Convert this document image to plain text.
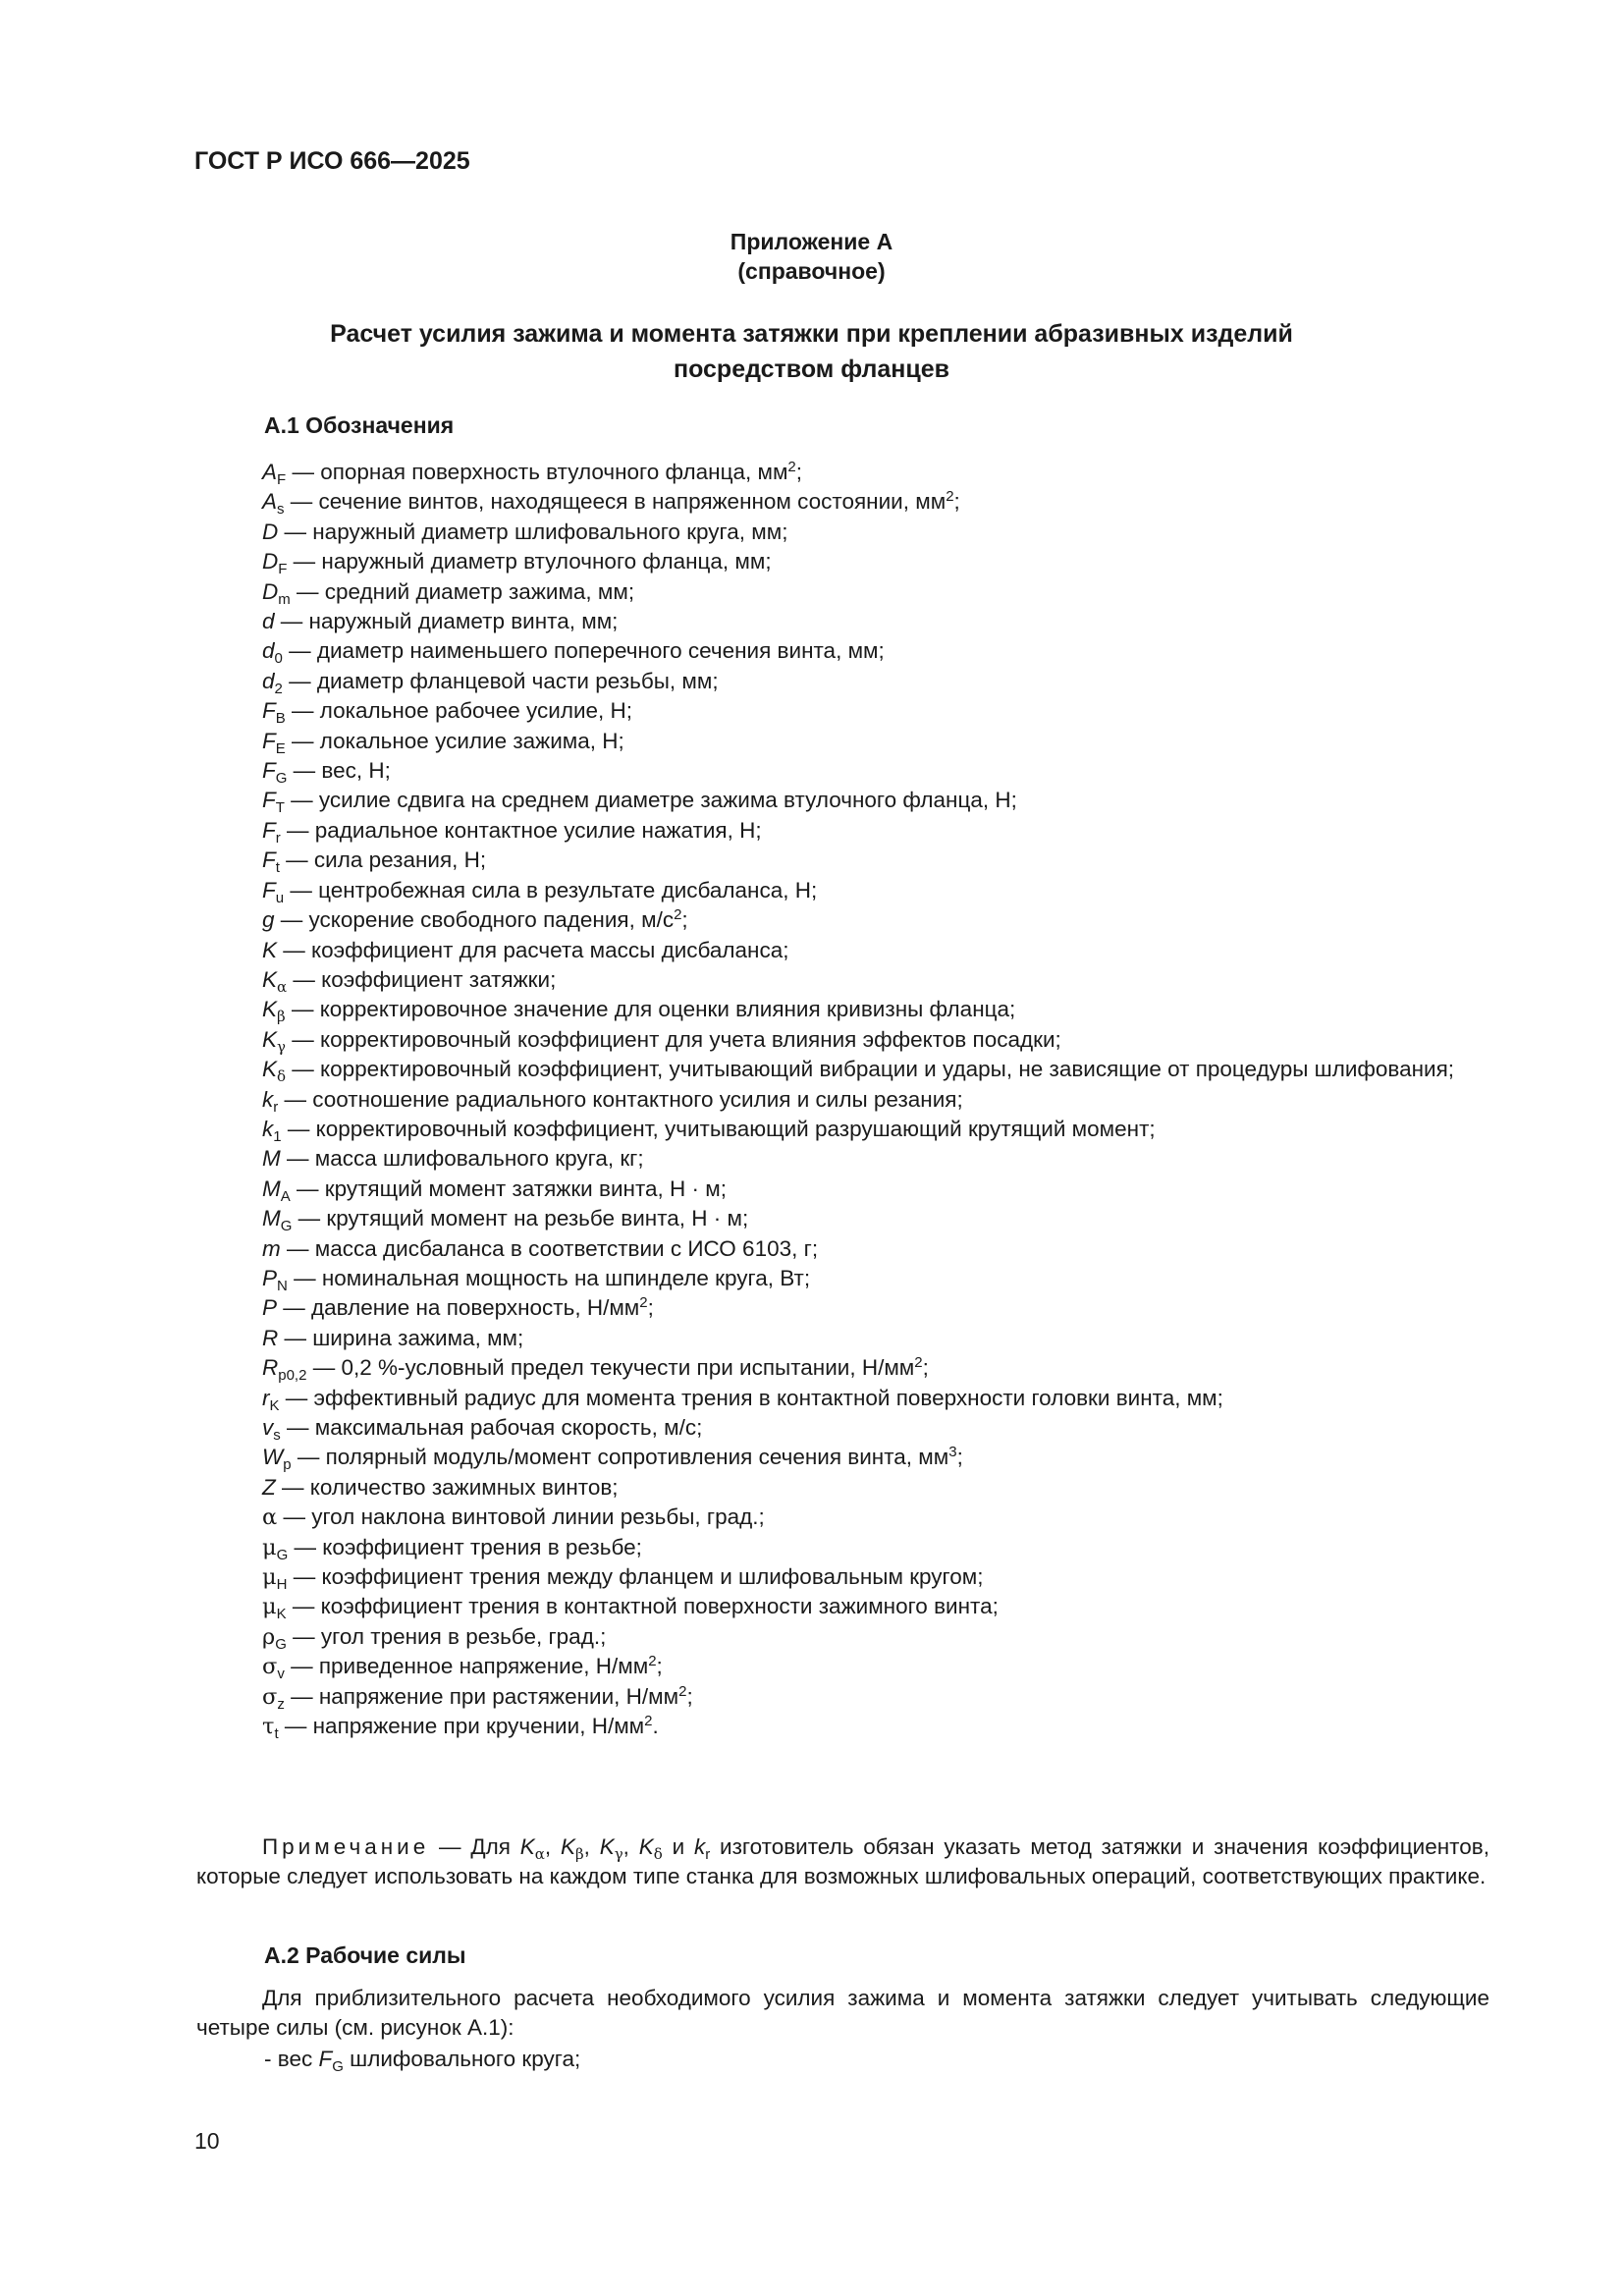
ГОСТ Р ИСО 666—2025

Приложение А
(справочное)
Расчет усилия зажима и момента затяжки при креплении абразивных изделий
посредством фланцев

А.1 Обозначения

$A_F$ — опорная поверхность втулочного фланца, $мм^2$;
$A_s$ — сечение винтов, находящееся в напряженном состоянии, $мм^2$;
D — наружный диаметр шлифовального круга, мм;
$D_F$ — наружный диаметр втулочного фланца, мм;
$D_m$ — средний диаметр зажима, мм;
d — наружный диаметр винта, мм;
$d_0$ — диаметр наименьшего поперечного сечения винта, мм;
$d_2$ — диаметр фланцевой части резьбы, мм;
$F_B$ — локальное рабочее усилие, Н;
$F_E$ — локальное усилие зажима, Н;
$F_G$ — вес, Н;
$F_T$ — усилие сдвига на среднем диаметре зажима втулочного фланца, Н;
$F_r$ — радиальное контактное усилие нажатия, Н;
$F_t$ — сила резания, Н;
$F_u$ — центробежная сила в результате дисбаланса, Н;
g — ускорение свободного падения, $м/с^2$;
K — коэффициент для расчета массы дисбаланса;
$K_\alpha$ — коэффициент затяжки;
$K_\beta$ — корректировочное значение для оценки влияния кривизны фланца;
$K_\gamma$ — корректировочный коэффициент для учета влияния эффектов посадки;
$K_\delta$ — корректировочный коэффициент, учитывающий вибрации и удары, не зависящие от процедуры шлифования;
$k_r$ — соотношение радиального контактного усилия и силы резания;
$k_1$ — корректировочный коэффициент, учитывающий разрушающий крутящий момент;
M — масса шлифовального круга, кг;
$M_A$ — крутящий момент затяжки винта, Н · м;
$M_G$ — крутящий момент на резьбе винта, Н · м;
m — масса дисбаланса в соответствии с ИСО 6103, г;
$P_N$ — номинальная мощность на шпинделе круга, Вт;
P — давление на поверхность, $Н/мм^2$;
R — ширина зажима, мм;
$R_{p0,2}$ — 0,2 %-условный предел текучести при испытании, $Н/мм^2$;
$r_K$ — эффективный радиус для момента трения в контактной поверхности головки винта, мм;
$v_s$ — максимальная рабочая скорость, м/с;
$W_p$ — полярный модуль/момент сопротивления сечения винта, $мм^3$;
Z — количество зажимных винтов;
α — угол наклона винтовой линии резьбы, град.;
$\mu_G$ — коэффициент трения в резьбе;
$\mu_H$ — коэффициент трения между фланцем и шлифовальным кругом;
$\mu_K$ — коэффициент трения в контактной поверхности зажимного винта;
$\rho_G$ — угол трения в резьбе, град.;
$\sigma_v$ — приведенное напряжение, $Н/мм^2$;
$\sigma_z$ — напряжение при растяжении, $Н/мм^2$;
$\tau_t$ — напряжение при кручении, $Н/мм^2$.

Примечание — Для $K_\alpha$, $K_\beta$, $K_\gamma$, $K_\delta$ и $k_r$ изготовитель обязан указать метод затяжки и значения коэффициентов, которые следует использовать на каждом типе станка для возможных шлифовальных операций, соответствующих практике.

А.2 Рабочие силы

Для приблизительного расчета необходимого усилия зажима и момента затяжки следует учитывать следующие четыре силы (см. рисунок А.1):

- вес $F_G$ шлифовального круга;

10
